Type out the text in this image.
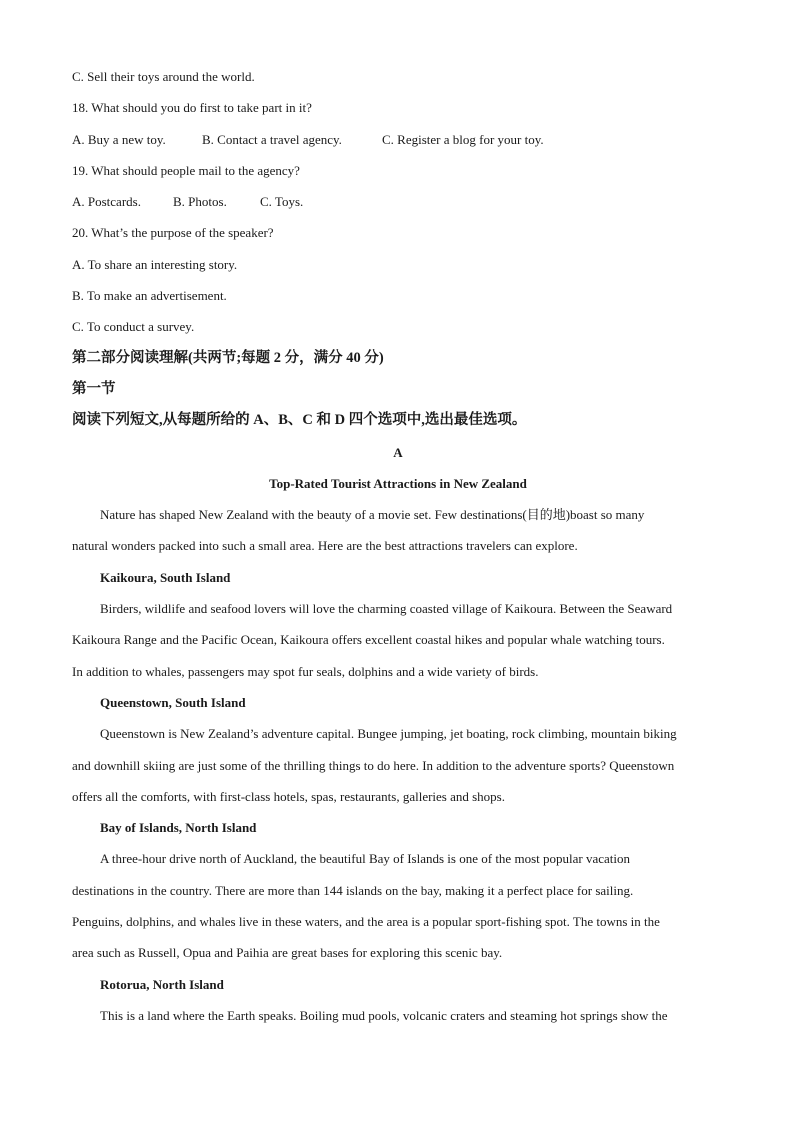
C. Sell their toys around the world.
18. What should you do first to take part in it?
A. Buy a new toy.	B. Contact a travel agency.	C. Register a blog for your toy.
19. What should people mail to the agency?
A. Postcards. B. Photos.	C. Toys.
20. What’s the purpose of the speaker?
A. To share an interesting story.
B. To make an advertisement.
C. To conduct a survey.
第二部分阅读理解(共两节;每题 2 分，满分 40 分)
第一节
阅读下列短文,从每题所给的 A、B、C 和 D 四个选项中,选出最佳选项。
A
Top-Rated Tourist Attractions in New Zealand
Nature has shaped New Zealand with the beauty of a movie set. Few destinations(目的地)boast so many
natural wonders packed into such a small area. Here are the best attractions travelers can explore.
Kaikoura, South Island
Birders, wildlife and seafood lovers will love the charming coasted village of Kaikoura. Between the Seaward
Kaikoura Range and the Pacific Ocean, Kaikoura offers excellent coastal hikes and popular whale watching tours.
In addition to whales, passengers may spot fur seals, dolphins and a wide variety of birds.
Queenstown, South Island
Queenstown is New Zealand’s adventure capital. Bungee jumping, jet boating, rock climbing, mountain biking
and downhill skiing are just some of the thrilling things to do here. In addition to the adventure sports? Queenstown
offers all the comforts, with first-class hotels, spas, restaurants, galleries and shops.
Bay of Islands, North Island
A three-hour drive north of Auckland, the beautiful Bay of Islands is one of the most popular vacation
destinations in the country. There are more than 144 islands on the bay, making it a perfect place for sailing.
Penguins, dolphins, and whales live in these waters, and the area is a popular sport-fishing spot. The towns in the
area such as Russell, Opua and Paihia are great bases for exploring this scenic bay.
Rotorua, North Island
This is a land where the Earth speaks. Boiling mud pools, volcanic craters and steaming hot springs show the
